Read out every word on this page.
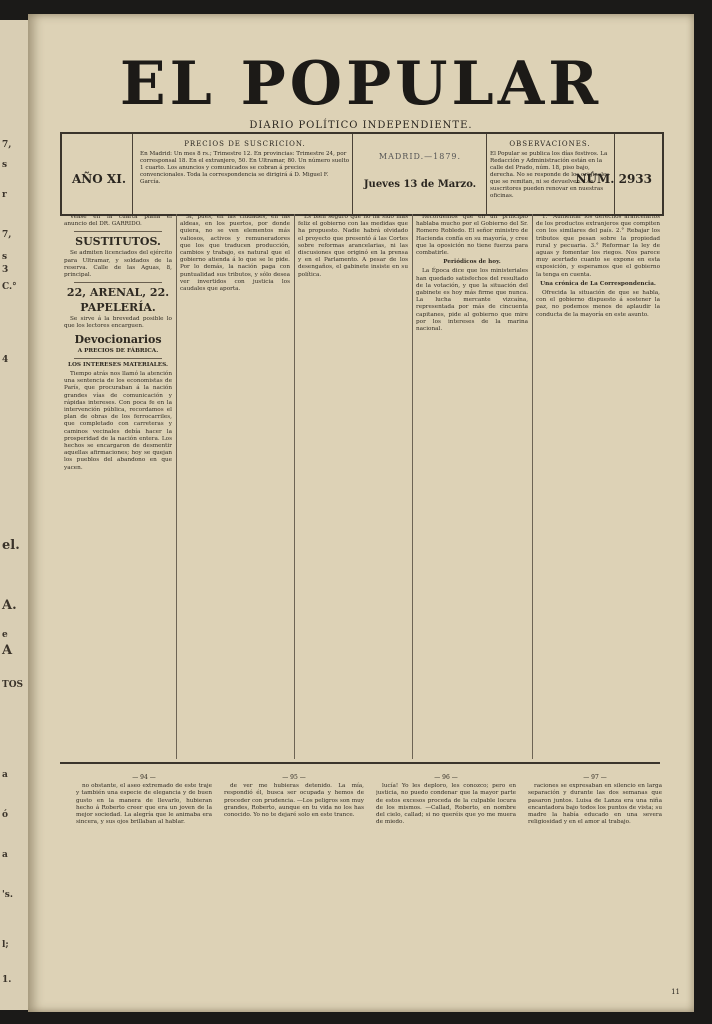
7,
s
r
7,
s
3
C.°
4
el.
A.
e
A
TOS
a
ó
a
's.
l;
1.
EL POPULAR
DIARIO POLÍTICO INDEPENDIENTE.
AÑO XI.
PRECIOS DE SUSCRICION.
En Madrid: Un mes 8 rs.; Trimestre 12. En provincias: Trimestre 24, por corresponsal 18. En el extranjero, 50. En Ultramar, 80. Un número suelto 1 cuarto. Los anuncios y comunicados se cobran á precios convencionales. Toda la correspondencia se dirigirá á D. Miguel F. García.
MADRID.—1879.
Jueves 13 de Marzo.
OBSERVACIONES.
El Popular se publica los días festivos. La Redacción y Administración están en la calle del Prado, núm. 18, piso bajo, derecha. No se responde de los originales que se remitan, ni se devuelven. Los suscritores pueden renovar en nuestras oficinas.
NÚM. 2933

Véase en la cuarta plana el anuncio del DR. GARRIDO.

SUSTITUTOS.

Se admiten licenciados del ejército para Ultramar, y soldados de la reserva. Calle de las Aguas, 8, principal.

22, ARENAL, 22.

PAPELERÍA.

Se sirve á la brevedad posible lo que los lectores encarguen.

Devocionarios

A PRECIOS DE FÁBRICA.

LOS INTERESES MATERIALES.

Tiempo atrás nos llamó la atención una sentencia de los economistas de París, que procuraban á la nación grandes vías de comunicación y rápidas intereses. Con poca fe en la intervención pública, recordamos el plan de obras de los ferrocarriles, que completado con carreteras y caminos vecinales debía hacer la prosperidad de la nación entera. Los hechos se encargaron de desmentir aquellas afirmaciones; hoy se quejan los pueblos del abandono en que yacen.

Si, pues, en las ciudades, en las aldeas, en los puertos, por donde quiera, no se ven elementos más valiosos, activos y remuneradores que los que traducen producción, cambios y trabajo, es natural que el gobierno atienda á lo que se le pide. Por lo demás, la nación paga con puntualidad sus tributos, y sólo desea ver invertidos con justicia los caudales que aporta.

Es bien seguro que no ha sido más feliz el gobierno con las medidas que ha propuesto. Nadie habrá olvidado el proyecto que presentó á las Cortes sobre reformas arancelarias, ni las discusiones que originó en la prensa y en el Parlamento. A pesar de los desengaños, el gabinete insiste en su política.

Recordemos que en un principio hablaba mucho por el Gobierno del Sr. Romero Robledo. El señor ministro de Hacienda confía en su mayoría, y cree que la oposición no tiene fuerza para combatirle.

Periódicos de hoy.

La Época dice que los ministeriales han quedado satisfechos del resultado de la votación, y que la situación del gabinete es hoy más firme que nunca. La lucha mercante vizcaína, representada por más de cincuenta capitanes, pide al gobierno que mire por los intereses de la marina nacional.

1.° Aumentar los derechos arancelarios de los productos extranjeros que compiten con los similares del país. 2.° Rebajar los tributos que pesan sobre la propiedad rural y pecuaria. 3.° Reformar la ley de aguas y fomentar los riegos. Nos parece muy acertado cuanto se expone en esta exposición, y esperamos que el gobierno la tenga en cuenta.

Una crónica de La Correspondencia.

Ofrecida la situación de que se habla, con el gobierno dispuesto á sostener la paz, no podemos menos de aplaudir la conducta de la mayoría en este asunto.

— 94 —

no obstante, el aseo extremado de este traje y también una especie de elegancia y de buen gusto en la manera de llevarlo, hubieran hecho á Roberto creer que era un joven de la mejor sociedad. La alegría que le animaba era sincera, y sus ojos brillaban al hablar.

— 95 —

de ver me hubieras detenido. La mía, respondió él, busca ser ocupada y hemos de proceder con prudencia. —Los peligros son muy grandes, Roberto, aunque en tu vida no los has conocido. Yo no te dejaré solo en este trance.

— 96 —

lucía! Yo les deploro, les conozco; pero en justicia, no puedo condenar que la mayor parte de estos excesos proceda de la culpable locura de los mismos. —Callad, Roberto, en nombre del cielo, callad; si no queréis que yo me muera de miedo.

— 97 —

raciones se expresaban en silencio en larga separación y durante las dos semanas que pasaron juntos. Luisa de Lanza era una niña encantadora bajo todos los puntos de vista; su madre la había educado en una severa religiosidad y en el amor al trabajo.

11
